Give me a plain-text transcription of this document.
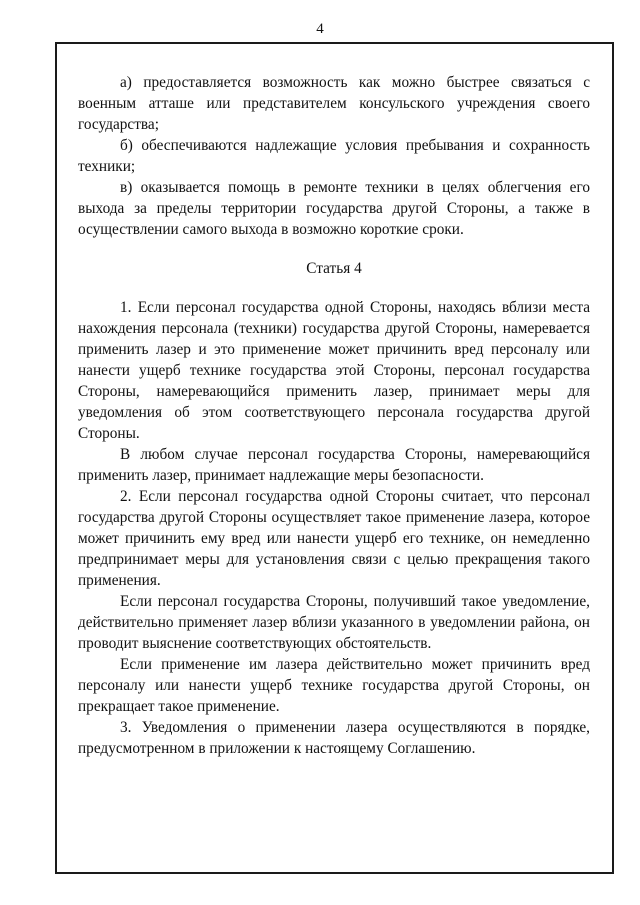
4

а) предоставляется возможность как можно быстрее связаться с военным атташе или представителем консульского учреждения своего государства;

б) обеспечиваются надлежащие условия пребывания и сохранность техники;

в) оказывается помощь в ремонте техники в целях облегчения его выхода за пределы территории государства другой Стороны, а также в осуществлении самого выхода в возможно короткие сроки.

Статья 4

1. Если персонал государства одной Стороны, находясь вблизи места нахождения персонала (техники) государства другой Стороны, намеревается применить лазер и это применение может причинить вред персоналу или нанести ущерб технике государства этой Стороны, персонал государства Стороны, намеревающийся применить лазер, принимает меры для уведомления об этом соответствующего персонала государства другой Стороны.

В любом случае персонал государства Стороны, намеревающийся применить лазер, принимает надлежащие меры безопасности.

2. Если персонал государства одной Стороны считает, что персонал государства другой Стороны осуществляет такое применение лазера, которое может причинить ему вред или нанести ущерб его технике, он немедленно предпринимает меры для установления связи с целью прекращения такого применения.

Если персонал государства Стороны, получивший такое уведомление, действительно применяет лазер вблизи указанного в уведомлении района, он проводит выяснение соответствующих обстоятельств.

Если применение им лазера действительно может причинить вред персоналу или нанести ущерб технике государства другой Стороны, он прекращает такое применение.

3. Уведомления о применении лазера осуществляются в порядке, предусмотренном в приложении к настоящему Соглашению.
